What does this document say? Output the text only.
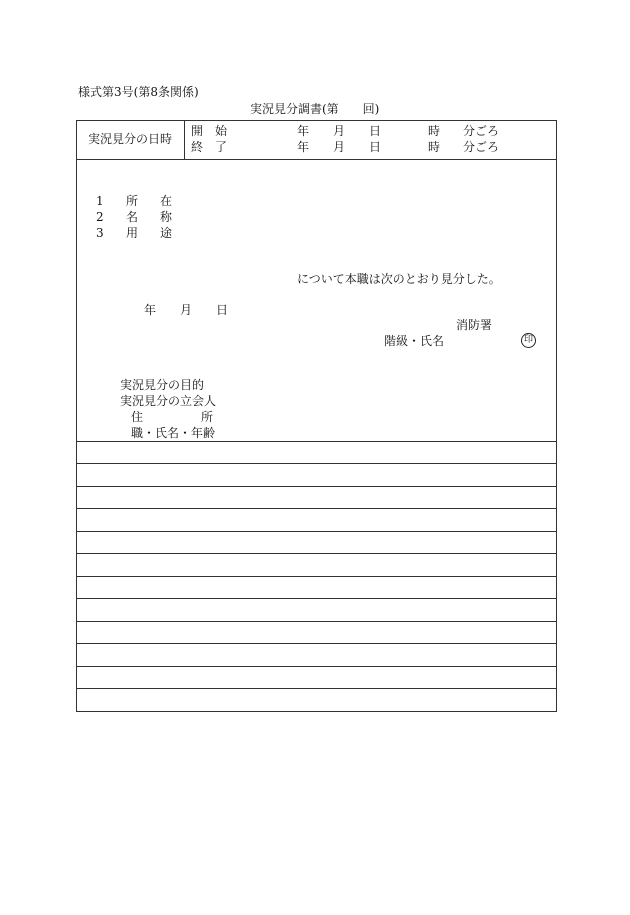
様式第3号(第8条関係)
実況見分調書(第　　回)
実況見分の日時
開　始	年 月 日	時 分ごろ
終　了	年 月 日	時 分ごろ
1 所 在
2 名 称
3 用 途
について本職は次のとおり見分した。
年 月 日
消防署
階級・氏名	印
実況見分の目的
実況見分の立会人
住	所
職・氏名・年齢
